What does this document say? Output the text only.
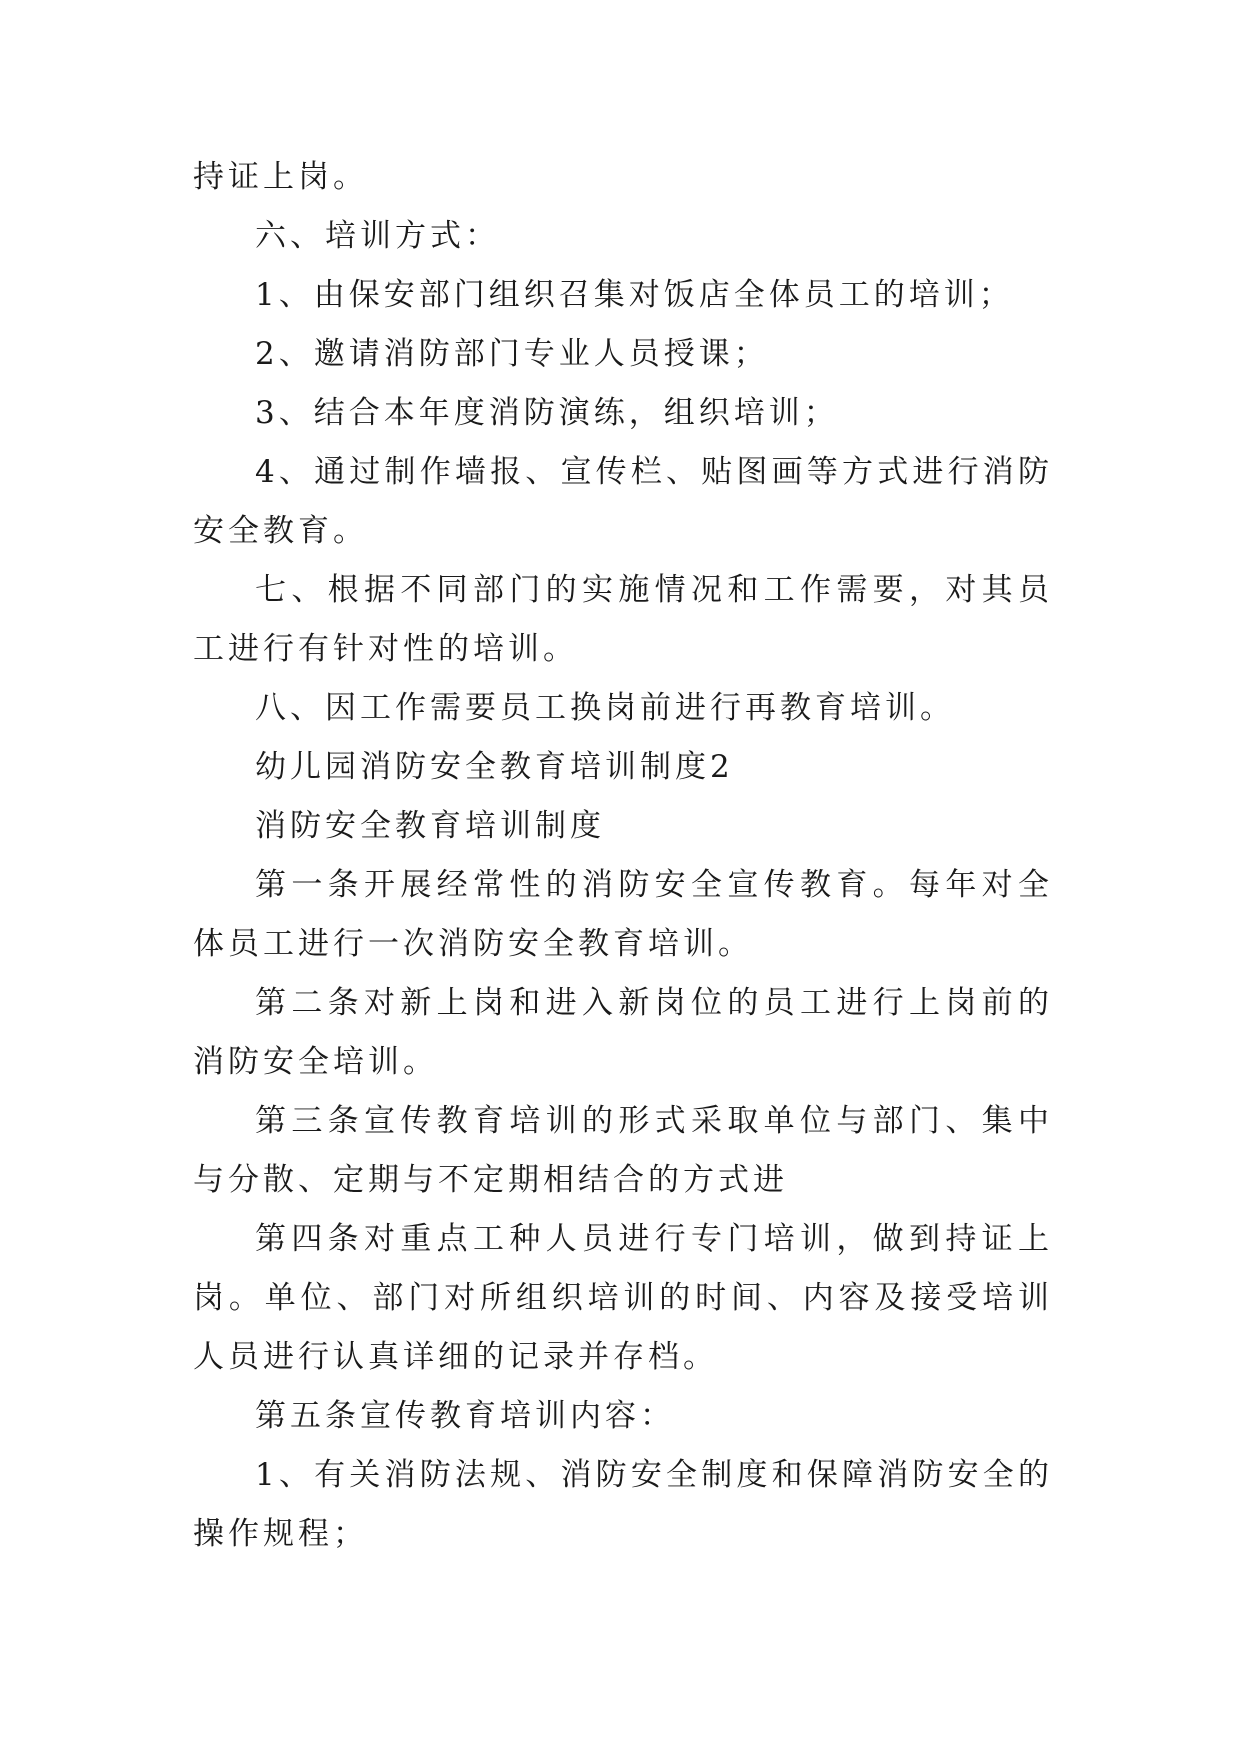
持证上岗。

六、培训方式：

1、由保安部门组织召集对饭店全体员工的培训；

2、邀请消防部门专业人员授课；

3、结合本年度消防演练，组织培训；

4、通过制作墙报、宣传栏、贴图画等方式进行消防安全教育。

七、根据不同部门的实施情况和工作需要，对其员工进行有针对性的培训。

八、因工作需要员工换岗前进行再教育培训。

幼儿园消防安全教育培训制度2

消防安全教育培训制度

第一条开展经常性的消防安全宣传教育。每年对全体员工进行一次消防安全教育培训。

第二条对新上岗和进入新岗位的员工进行上岗前的消防安全培训。

第三条宣传教育培训的形式采取单位与部门、集中与分散、定期与不定期相结合的方式进

第四条对重点工种人员进行专门培训，做到持证上岗。单位、部门对所组织培训的时间、内容及接受培训人员进行认真详细的记录并存档。

第五条宣传教育培训内容：

1、有关消防法规、消防安全制度和保障消防安全的操作规程；
